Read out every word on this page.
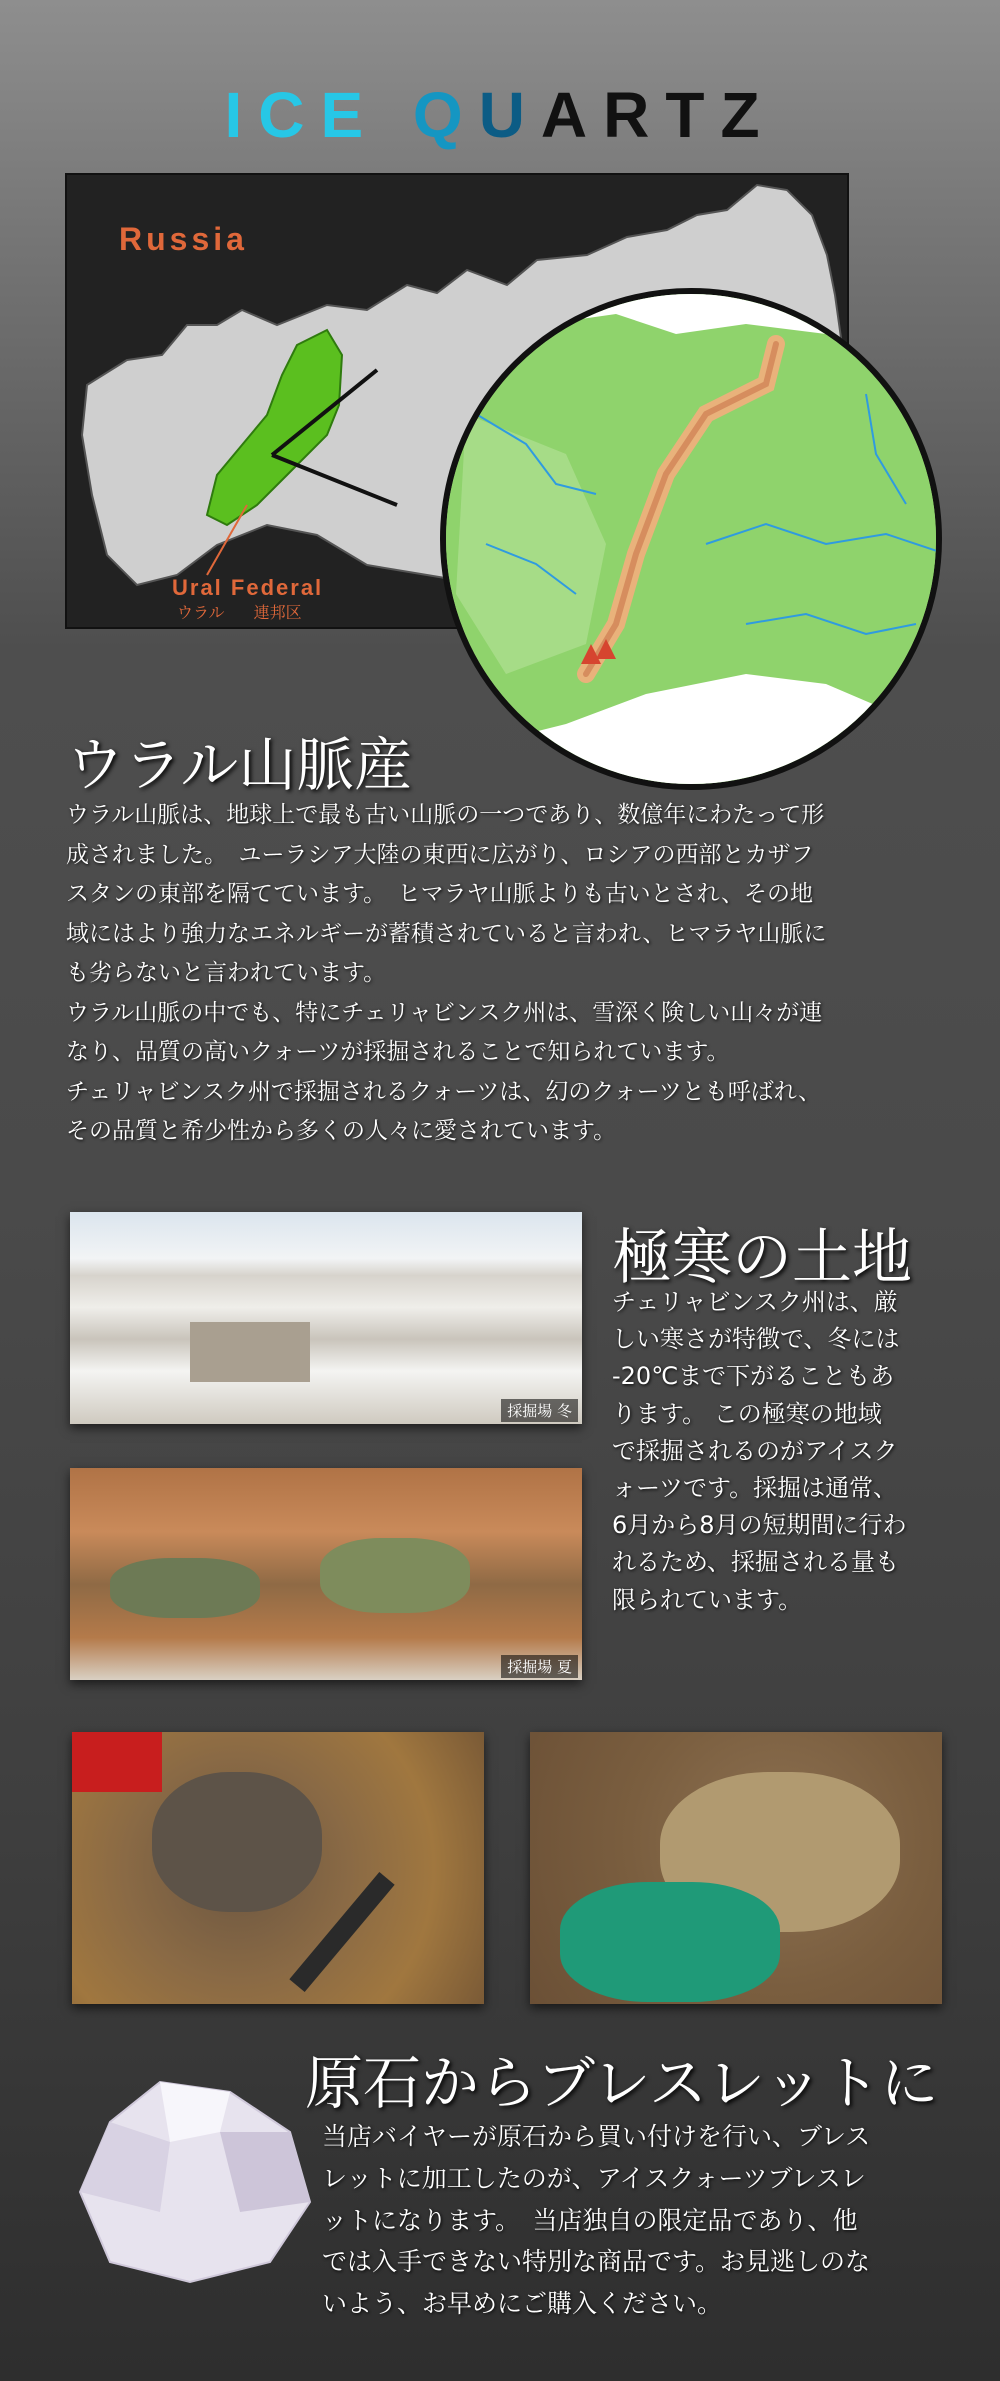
ICE QUARTZ
Russia
Ural Federal
ウラル 連邦区
ウラル山脈産
ウラル山脈は、地球上で最も古い山脈の一つであり、数億年にわたって形
成されました。　ユーラシア大陸の東西に広がり、ロシアの西部とカザフ
スタンの東部を隔てています。　ヒマラヤ山脈よりも古いとされ、その地
域にはより強力なエネルギーが蓄積されていると言われ、ヒマラヤ山脈に
も劣らないと言われています。
ウラル山脈の中でも、特にチェリャビンスク州は、雪深く険しい山々が連
なり、品質の高いクォーツが採掘されることで知られています。
チェリャビンスク州で採掘されるクォーツは、幻のクォーツとも呼ばれ、
その品質と希少性から多くの人々に愛されています。
採掘場 冬
採掘場 夏
極寒の土地
チェリャビンスク州は、厳
しい寒さが特徴で、冬には
-20℃まで下がることもあ
ります。 この極寒の地域
で採掘されるのがアイスク
ォーツです。採掘は通常、
6月から8月の短期間に行わ
れるため、採掘される量も
限られています。
原石からブレスレットに
当店バイヤーが原石から買い付けを行い、ブレス
レットに加工したのが、アイスクォーツブレスレ
ットになります。　当店独自の限定品であり、他
では入手できない特別な商品です。お見逃しのな
いよう、お早めにご購入ください。
